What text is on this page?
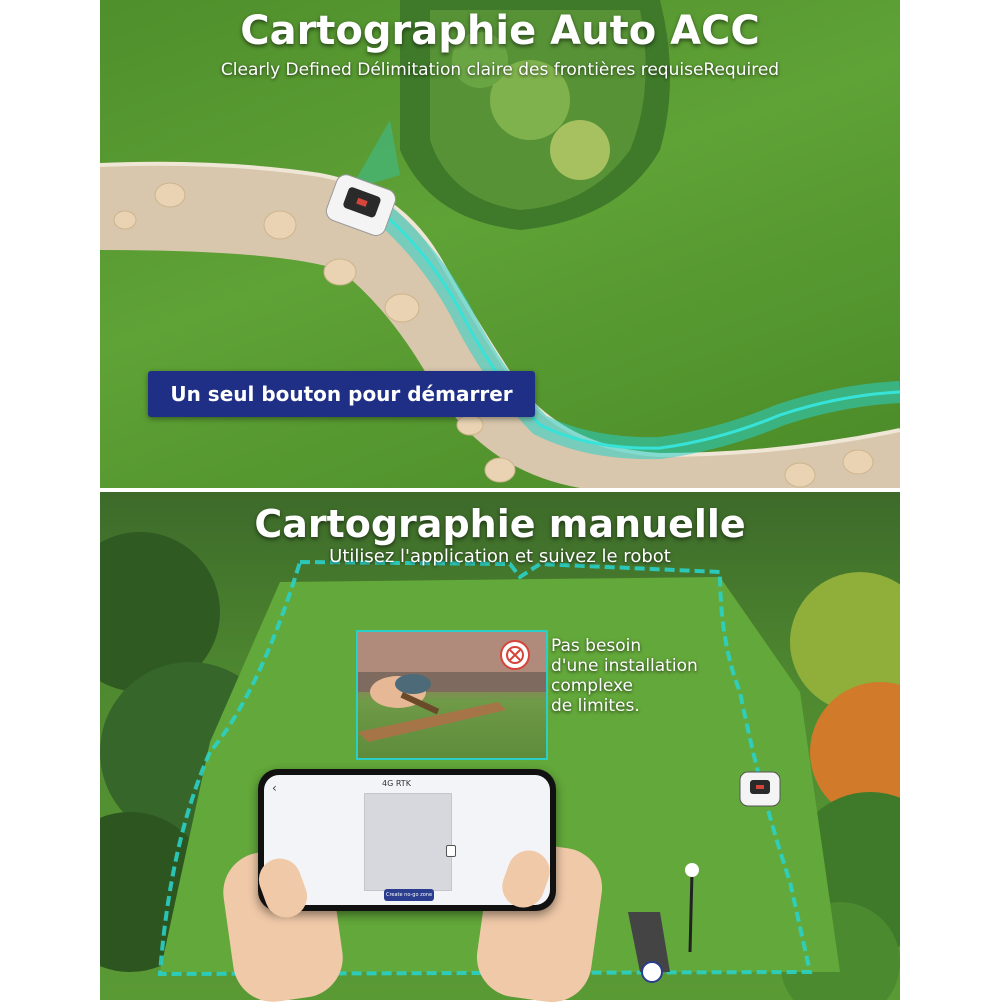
Cartographie Auto ACC
Clearly Defined Délimitation claire des frontières requiseRequired
Un seul bouton pour démarrer
Cartographie manuelle
Utilisez l'application et suivez le robot
Pas besoin
d'une installation
complexe
de limites.
‹	4G RTK
Create no-go zone
